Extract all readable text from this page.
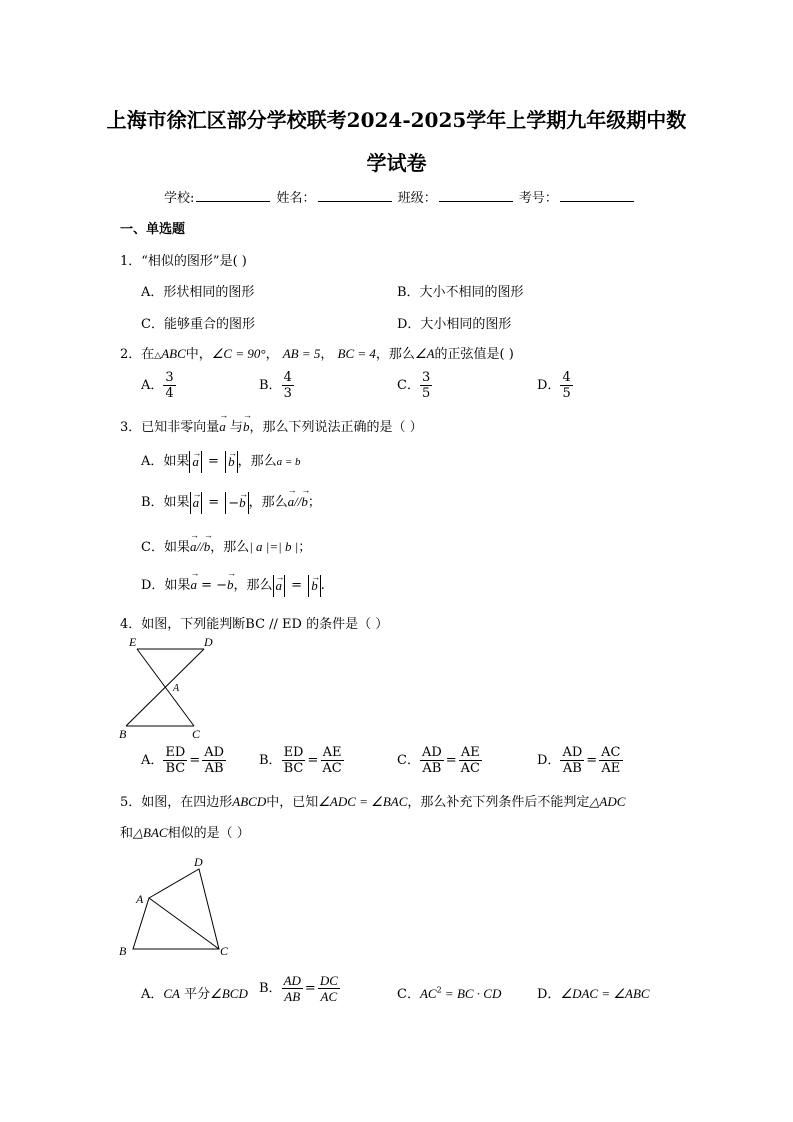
上海市徐汇区部分学校联考2024-2025学年上学期九年级期中数
学试卷
学校:	姓名：	班级：	考号：
一、单选题
1．“相似的图形”是( )
A．形状相同的图形	B．大小不相同的图形
C．能够重合的图形	D．大小相同的图形
2．在△ABC中，∠C = 90°， AB = 5， BC = 4，那么∠A的正弦值是( )
A． $\frac{3}{4}$	B． $\frac{4}{3}$	C． $\frac{3}{5}$	D． $\frac{4}{5}$
3．已知非零向量→ a 与→ b，那么下列说法正确的是（ ）
A．如果 → a = → b ，那么a = b
B．如果 → a = −→ b ，那么→ a//→ b；
C．如果→ a//→ b，那么| a |=| b |；
D．如果→ a = −→ b，那么 → a = → b .
4．如图，下列能判断BC // ED 的条件是（ ）
E	D
A
B	C
A． $\frac{ED}{BC} = \frac{AD}{AB}$	B． $\frac{ED}{BC} = \frac{AE}{AC}$	C． $\frac{AD}{AB} = \frac{AE}{AC}$	D． $\frac{AD}{AB} = \frac{AC}{AE}$
5．如图，在四边形ABCD中，已知∠ADC = ∠BAC，那么补充下列条件后不能判定△ADC
和△BAC相似的是（ ）
D
A
B	C
A．CA 平分∠BCD B． $\frac{AD}{AB} = \frac{DC}{AC}$	C．$AC^2$ = BC · CD	D．∠DAC = ∠ABC
